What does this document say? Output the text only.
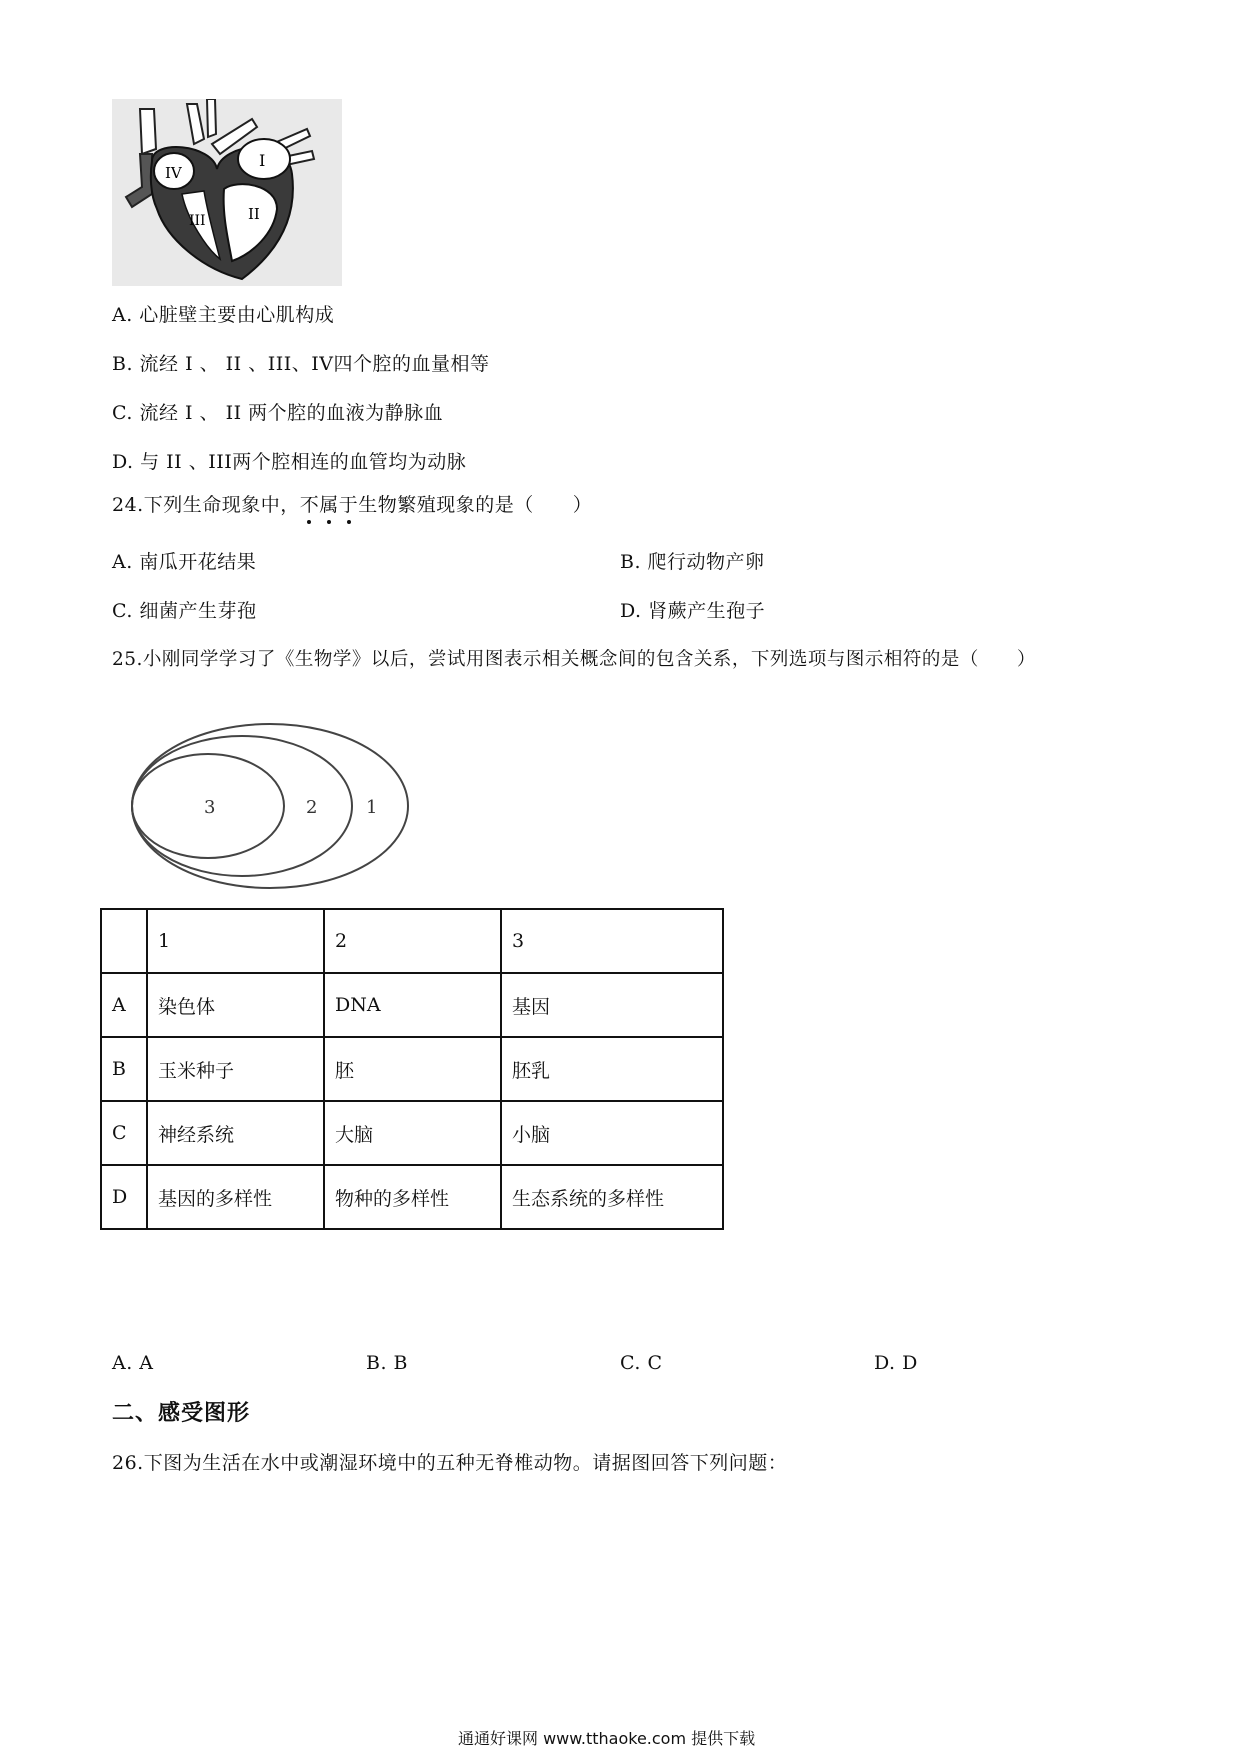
IV
III
I
II
A. 心脏壁主要由心肌构成
B. 流经 I 、 II 、III、IV四个腔的血量相等
C. 流经 I 、 II 两个腔的血液为静脉血
D. 与 II 、III两个腔相连的血管均为动脉
24.下列生命现象中，不属于生物繁殖现象的是（　　）
A. 南瓜开花结果	B. 爬行动物产卵
C. 细菌产生芽孢	D. 肾蕨产生孢子
25.小刚同学学习了《生物学》以后，尝试用图表示相关概念间的包含关系，下列选项与图示相符的是（　　）
3	2	1
	1	2	3
A	染色体	DNA	基因
B	玉米种子	胚	胚乳
C	神经系统	大脑	小脑
D	基因的多样性	物种的多样性	生态系统的多样性
A. A	B. B	C. C	D. D
二、感受图形
26.下图为生活在水中或潮湿环境中的五种无脊椎动物。请据图回答下列问题：
通通好课网 www.tthaoke.com 提供下载
